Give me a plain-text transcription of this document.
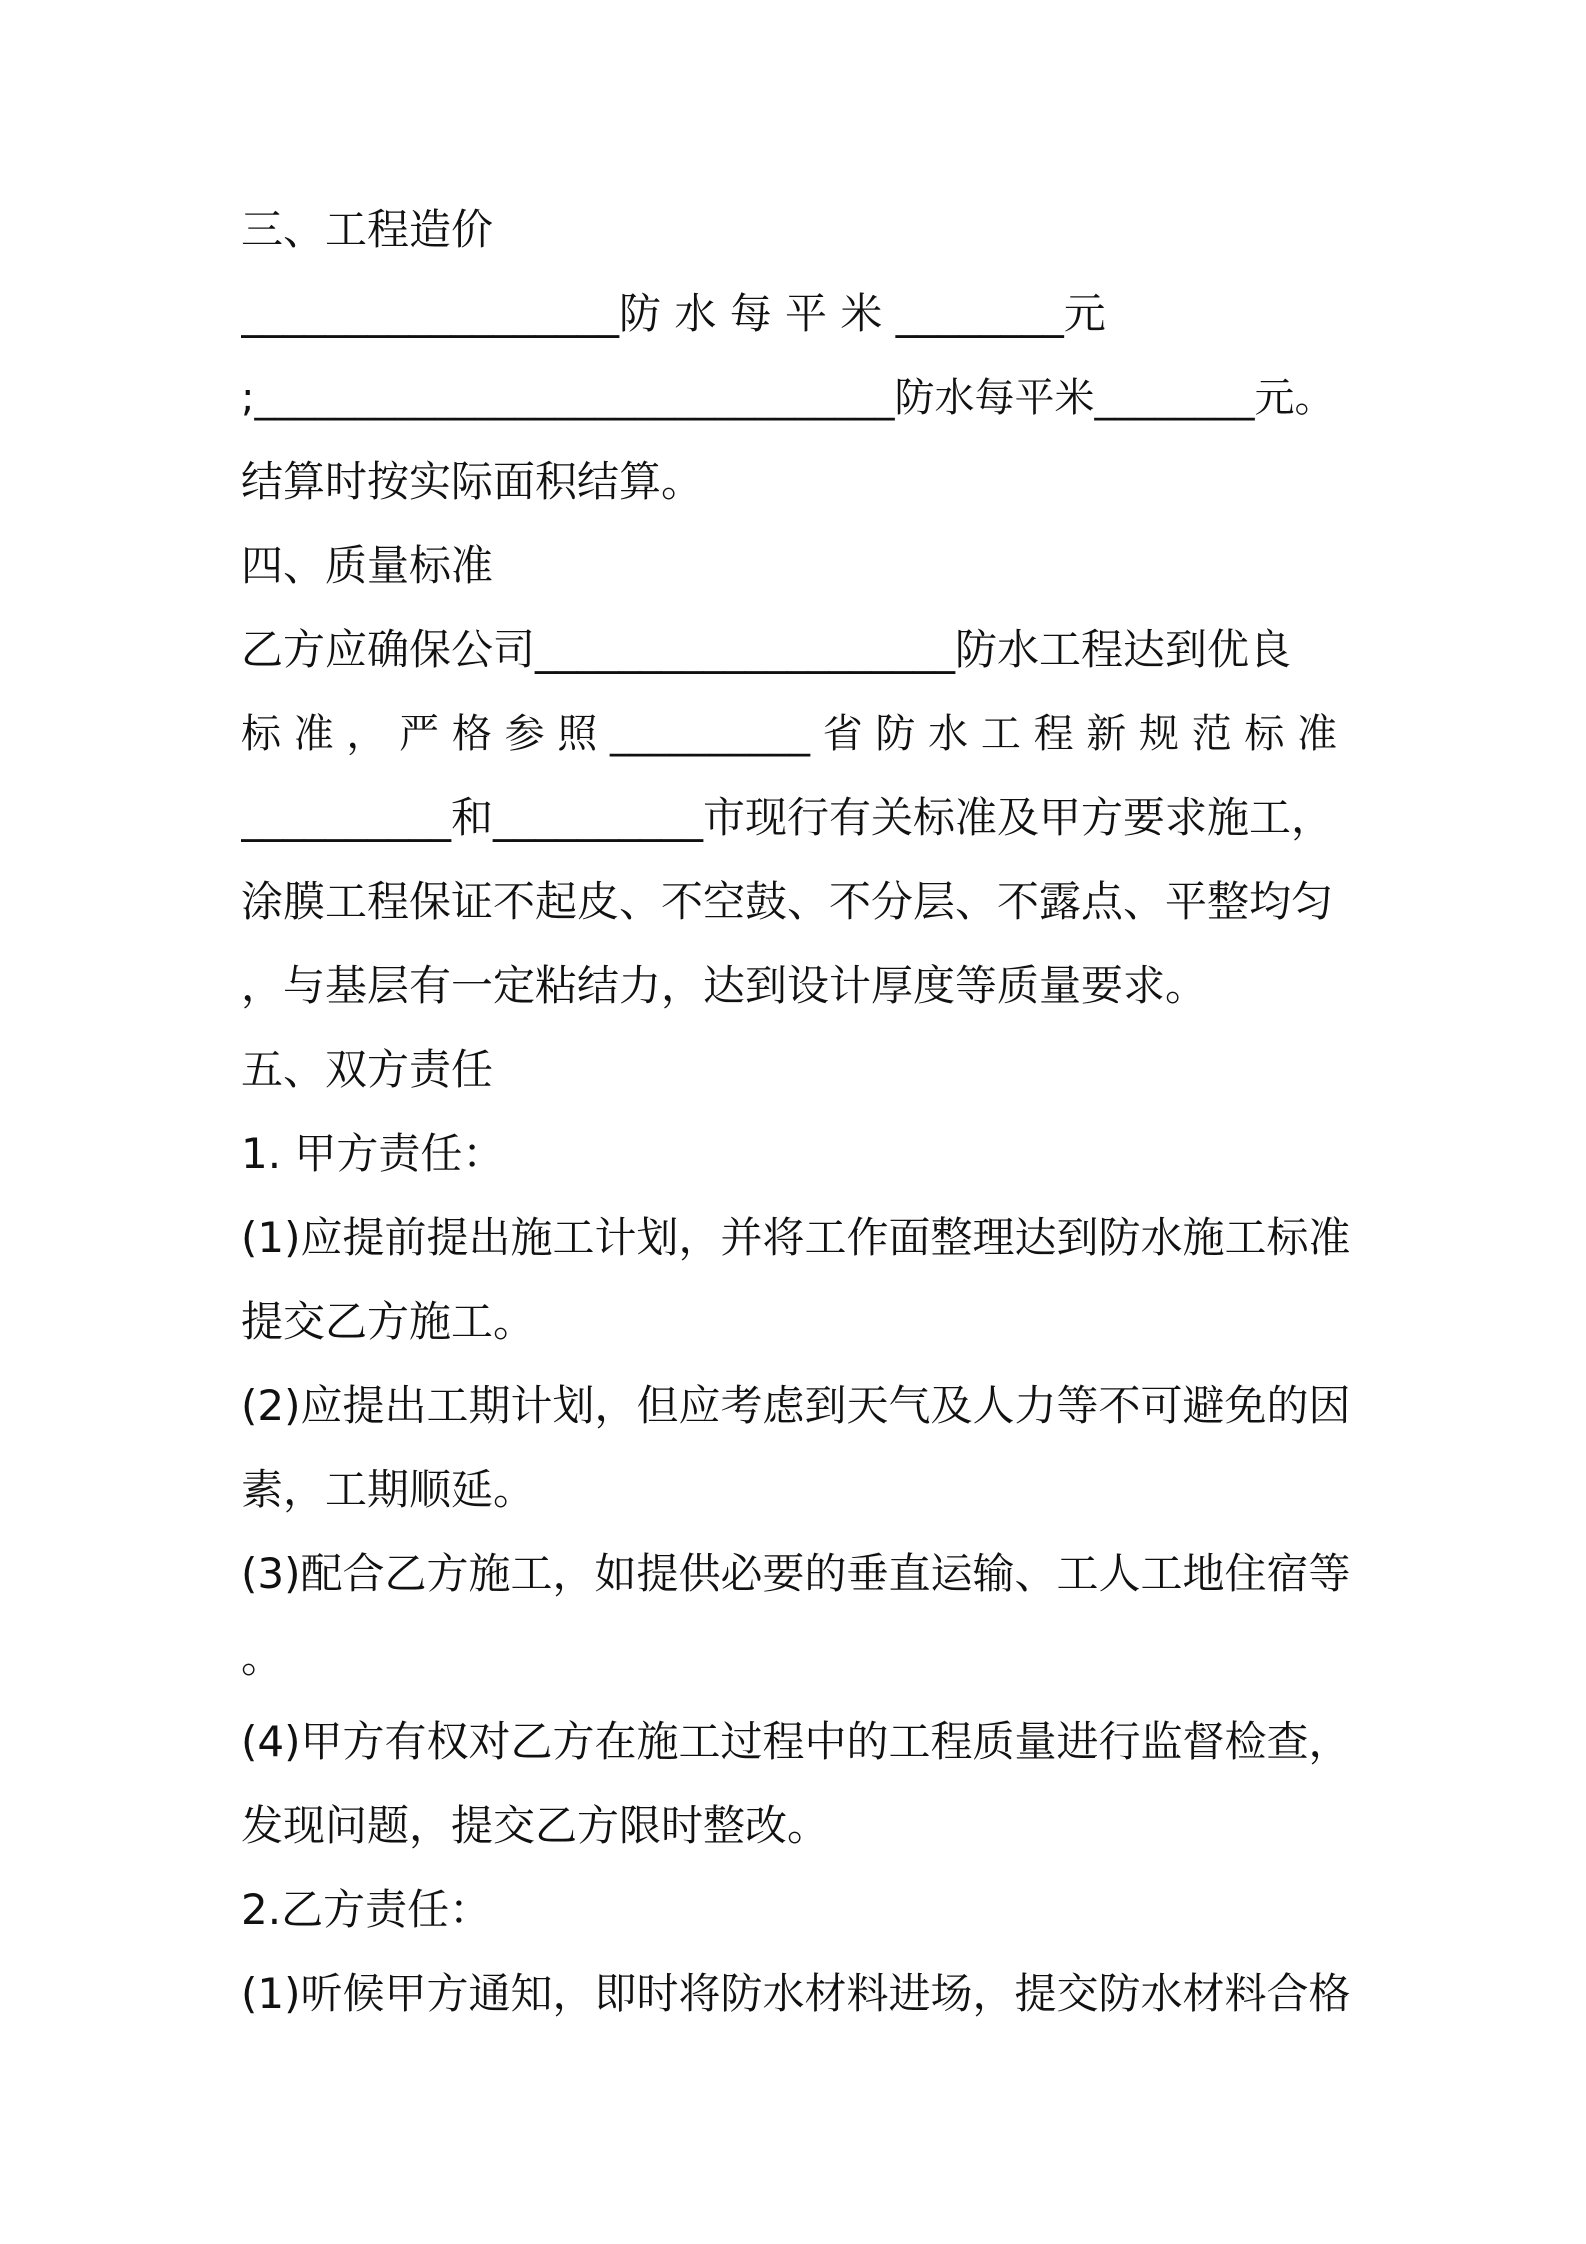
三、工程造价
__________________防 水 每 平 米 ________元
;________________________________防水每平米________元。
结算时按实际面积结算。
四、质量标准
乙方应确保公司____________________防水工程达到优良
标 准 ， 严 格 参 照 __________ 省 防 水 工 程 新 规 范 标 准
__________和__________市现行有关标准及甲方要求施工，
涂膜工程保证不起皮、不空鼓、不分层、不露点、平整均匀
，与基层有一定粘结力，达到设计厚度等质量要求。
五、双方责任
1. 甲方责任：
(1)应提前提出施工计划，并将工作面整理达到防水施工标准
提交乙方施工。
(2)应提出工期计划，但应考虑到天气及人力等不可避免的因
素，工期顺延。
(3)配合乙方施工，如提供必要的垂直运输、工人工地住宿等
。
(4)甲方有权对乙方在施工过程中的工程质量进行监督检查，
发现问题，提交乙方限时整改。
2.乙方责任：
(1)听候甲方通知，即时将防水材料进场，提交防水材料合格
